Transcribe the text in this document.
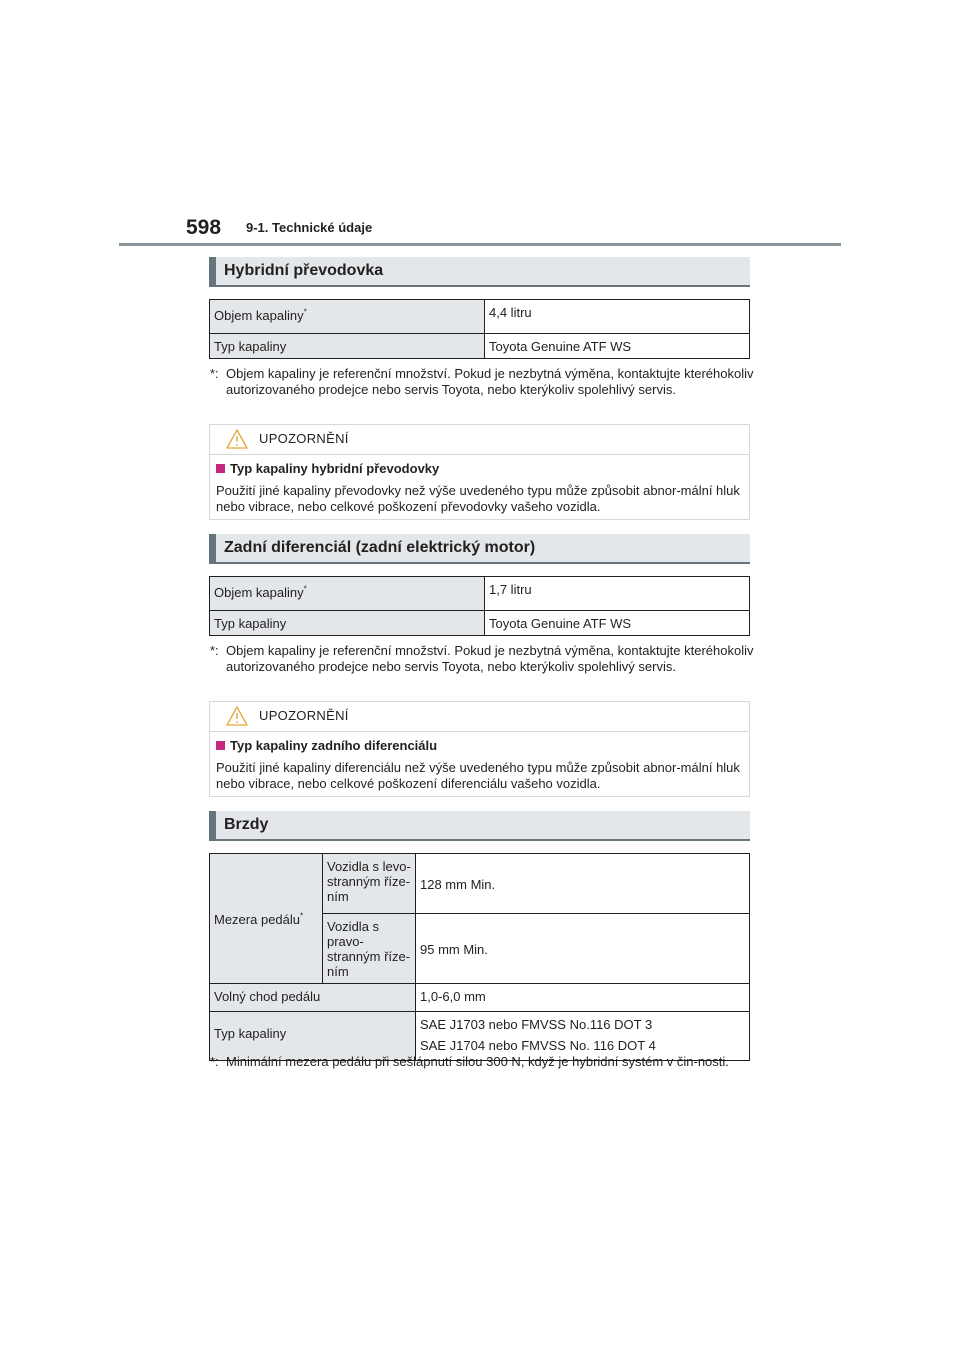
598 9-1. Technické údaje
Hybridní převodovka
Objem kapaliny*	4,4 litru
Typ kapaliny	Toyota Genuine ATF WS
*: Objem kapaliny je referenční množství. Pokud je nezbytná výměna, kontaktujte kteréhokoliv autorizovaného prodejce nebo servis Toyota, nebo kterýkoliv spolehlivý servis.
UPOZORNĚNÍ
Typ kapaliny hybridní převodovky
Použití jiné kapaliny převodovky než výše uvedeného typu může způsobit abnor-mální hluk nebo vibrace, nebo celkové poškození převodovky vašeho vozidla.
Zadní diferenciál (zadní elektrický motor)
Objem kapaliny*	1,7 litru
Typ kapaliny	Toyota Genuine ATF WS
*: Objem kapaliny je referenční množství. Pokud je nezbytná výměna, kontaktujte kteréhokoliv autorizovaného prodejce nebo servis Toyota, nebo kterýkoliv spolehlivý servis.
UPOZORNĚNÍ
Typ kapaliny zadního diferenciálu
Použití jiné kapaliny diferenciálu než výše uvedeného typu může způsobit abnor-mální hluk nebo vibrace, nebo celkové poškození diferenciálu vašeho vozidla.
Brzdy
Mezera pedálu*	Vozidla s levo-stranným říze-ním	128 mm Min.
	Vozidla s pravo-stranným říze-ním	95 mm Min.
Volný chod pedálu		1,0-6,0 mm
Typ kapaliny		SAE J1703 nebo FMVSS No.116 DOT 3
SAE J1704 nebo FMVSS No. 116 DOT 4
*: Minimální mezera pedálu při sešlápnutí silou 300 N, když je hybridní systém v čin-nosti.
